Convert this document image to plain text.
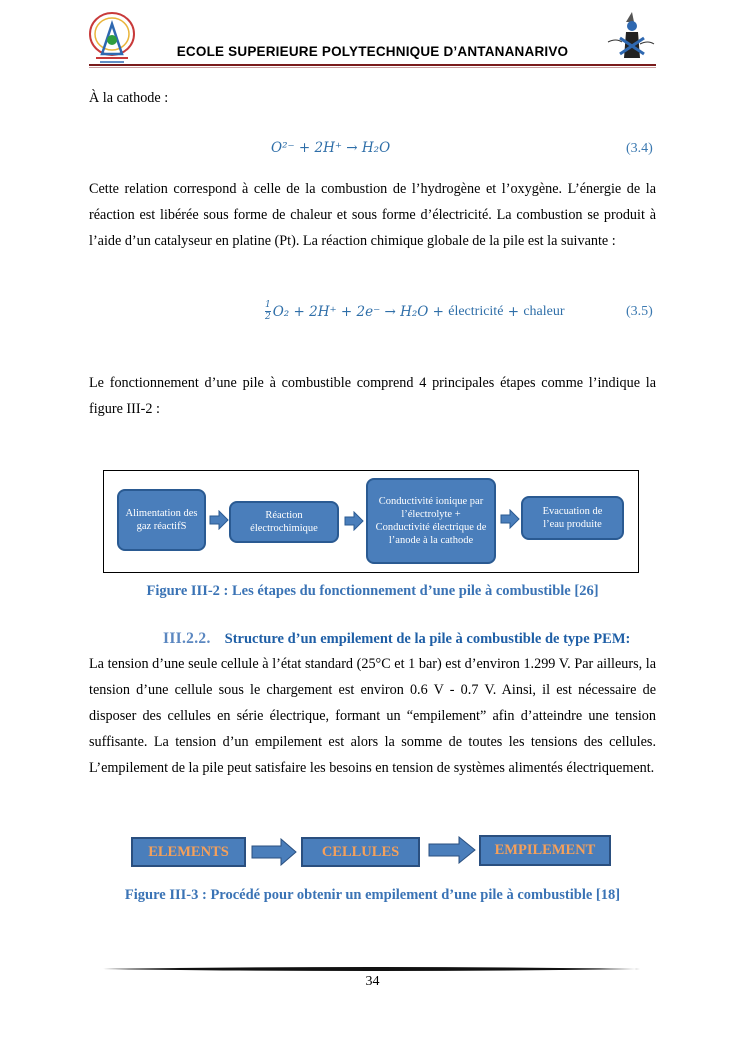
ECOLE SUPERIEURE POLYTECHNIQUE D’ANTANANARIVO
À la cathode :
O²⁻ + 2H⁺ → H₂O	(3.4)
Cette relation correspond à celle de la combustion de l’hydrogène et l’oxygène. L’énergie de la réaction est libérée sous forme de chaleur et sous forme d’électricité. La combustion se produit à l’aide d’un catalyseur en platine (Pt). La réaction chimique globale de la pile est la suivante :
$\frac{1}{2} O_2 + 2H^+ + 2e^- \to H_2O$ + électricité + chaleur	(3.5)
Le fonctionnement d’une pile à combustible comprend 4 principales étapes comme l’indique la figure III-2 :
Alimentation des gaz réactifS
Réaction électrochimique
Conductivité ionique par l’électrolyte + Conductivité électrique de l’anode à la cathode
Evacuation de l’eau produite
Figure III-2 : Les étapes du fonctionnement d’une pile à combustible [26]
III.2.2. Structure d’un empilement de la pile à combustible de type PEM:
La tension d’une seule cellule à l’état standard (25°C et 1 bar) est d’environ 1.299 V. Par ailleurs, la tension d’une cellule sous le chargement est environ 0.6 V - 0.7 V. Ainsi, il est nécessaire de disposer des cellules en série électrique, formant un “empilement” afin d’atteindre une tension suffisante. La tension d’un empilement est alors la somme de toutes les tensions des cellules. L’empilement de la pile peut satisfaire les besoins en tension de systèmes alimentés électriquement.
ELEMENTS	CELLULES	EMPILEMENT
Figure III-3 : Procédé pour obtenir un empilement d’une pile à combustible [18]
34
